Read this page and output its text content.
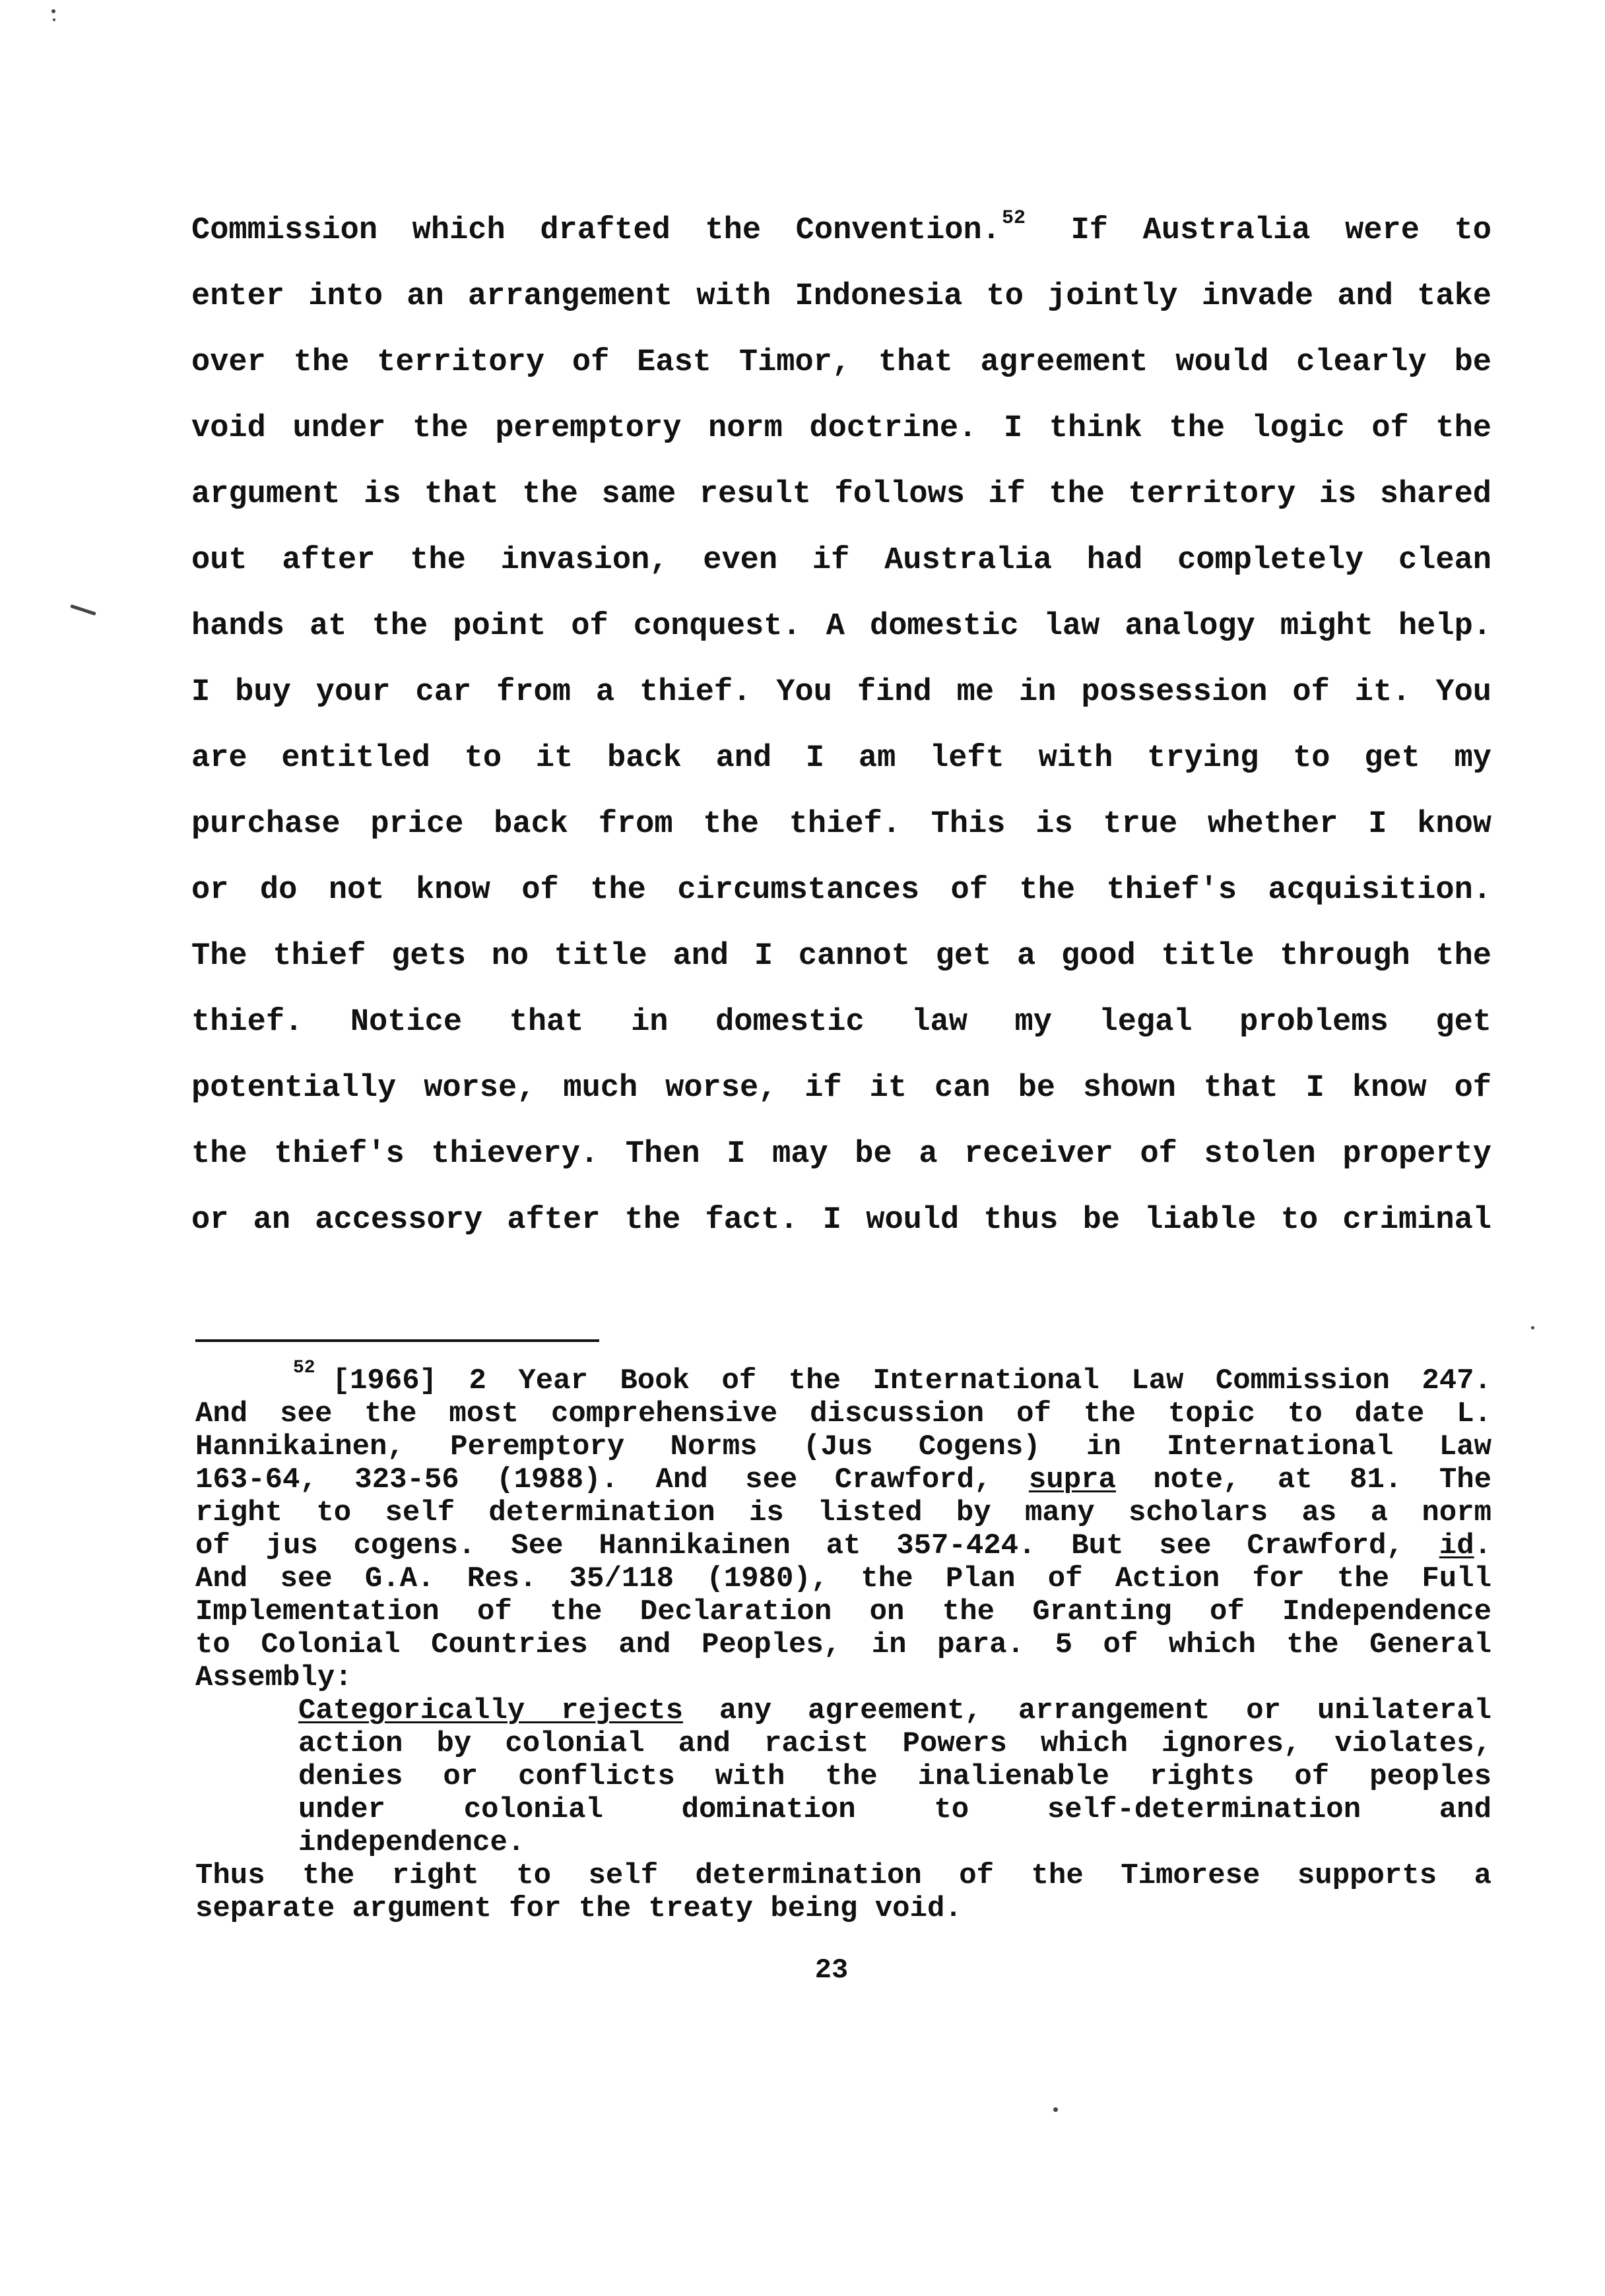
Commission which drafted the Convention.$^{52}$ If Australia were to
enter into an arrangement with Indonesia to jointly invade and take
over the territory of East Timor, that agreement would clearly be
void under the peremptory norm doctrine. I think the logic of the
argument is that the same result follows if the territory is shared
out after the invasion, even if Australia had completely clean
hands at the point of conquest. A domestic law analogy might help.
I buy your car from a thief. You find me in possession of it. You
are entitled to it back and I am left with trying to get my
purchase price back from the thief. This is true whether I know
or do not know of the circumstances of the thief's acquisition.
The thief gets no title and I cannot get a good title through the
thief. Notice that in domestic law my legal problems get
potentially worse, much worse, if it can be shown that I know of
the thief's thievery. Then I may be a receiver of stolen property
or an accessory after the fact. I would thus be liable to criminal
$^{52}$ [1966] 2 Year Book of the International Law Commission 247.
And see the most comprehensive discussion of the topic to date L.
Hannikainen, Peremptory Norms (Jus Cogens) in International Law
163-64, 323-56 (1988). And see Crawford, supra note, at 81. The
right to self determination is listed by many scholars as a norm
of jus cogens. See Hannikainen at 357-424. But see Crawford, id.
And see G.A. Res. 35/118 (1980), the Plan of Action for the Full
Implementation of the Declaration on the Granting of Independence
to Colonial Countries and Peoples, in para. 5 of which the General
Assembly:
Categorically rejects any agreement, arrangement or unilateral
action by colonial and racist Powers which ignores, violates,
denies or conflicts with the inalienable rights of peoples
under colonial domination to self-determination and
independence.
Thus the right to self determination of the Timorese supports a
separate argument for the treaty being void.
23
